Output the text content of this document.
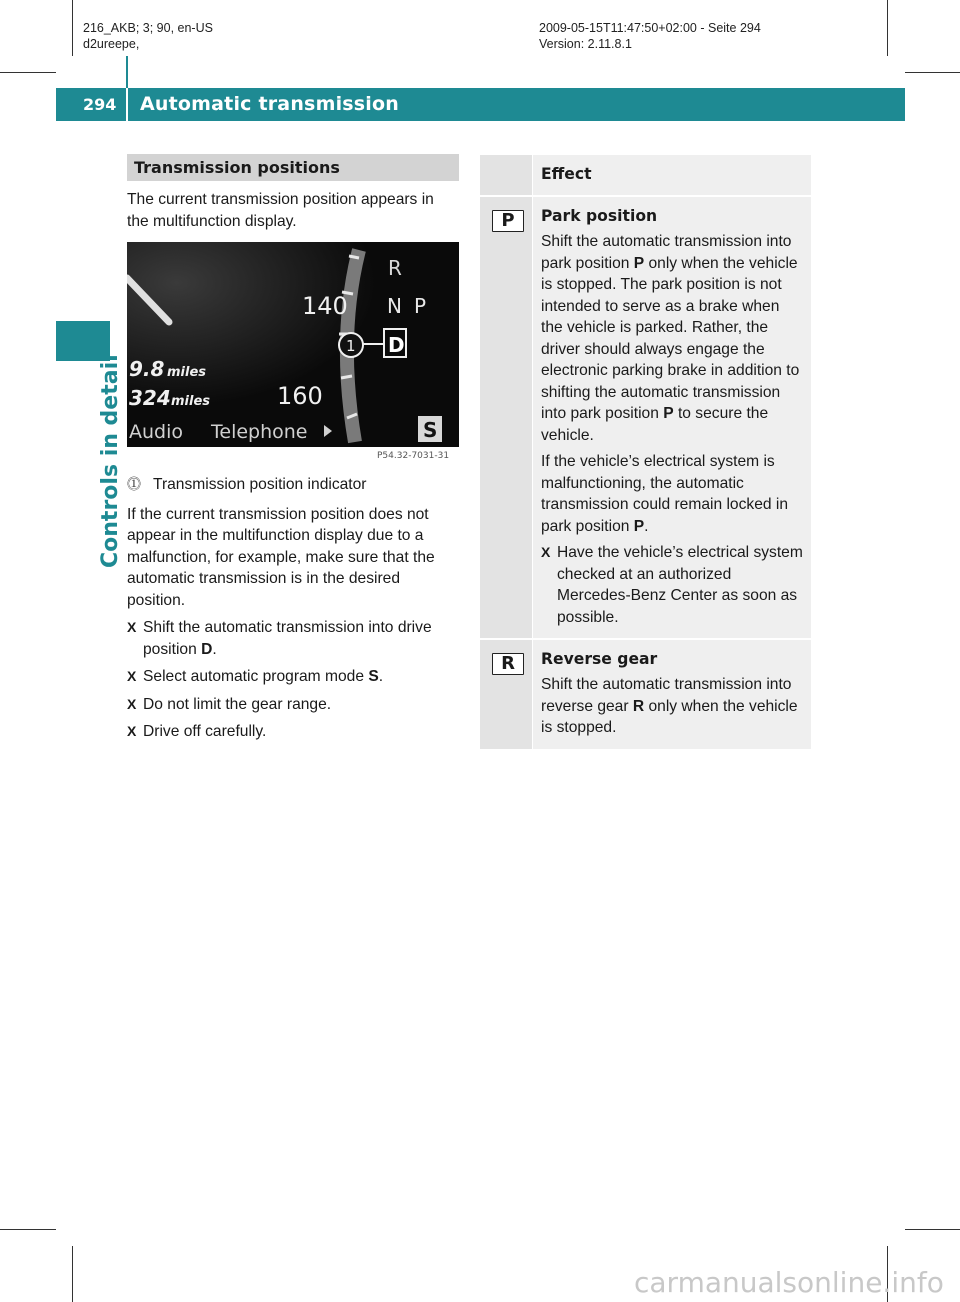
216_AKB; 3; 90, en-US
d2ureepe,
2009-05-15T11:47:50+02:00 - Seite 294
Version: 2.11.8.1
294 Automatic transmission
Controls in detail
Transmission positions

The current transmission position appears in the multifunction display.

140
160
R
N P
D
1
9.8 miles
324 miles
Audio Telephone	S
P54.32-7031-31
⓵ Transmission position indicator

If the current transmission position does not appear in the multifunction display due to a malfunction, for example, make sure that the automatic transmission is in the desired position.

X Shift the automatic transmission into drive position D.
X Select automatic program mode S.
X Do not limit the gear range.
X Drive off carefully.
Effect
P	Park position
Shift the automatic transmission into park position P only when the vehicle is stopped. The park position is not intended to serve as a brake when the vehicle is parked. Rather, the driver should always engage the electronic parking brake in addition to shifting the automatic transmission into park position P to secure the vehicle.
If the vehicle’s electrical system is malfunctioning, the automatic transmission could remain locked in park position P.
X Have the vehicle’s electrical system checked at an authorized Mercedes-Benz Center as soon as possible.
R	Reverse gear
Shift the automatic transmission into reverse gear R only when the vehicle is stopped.
carmanualsonline.info
